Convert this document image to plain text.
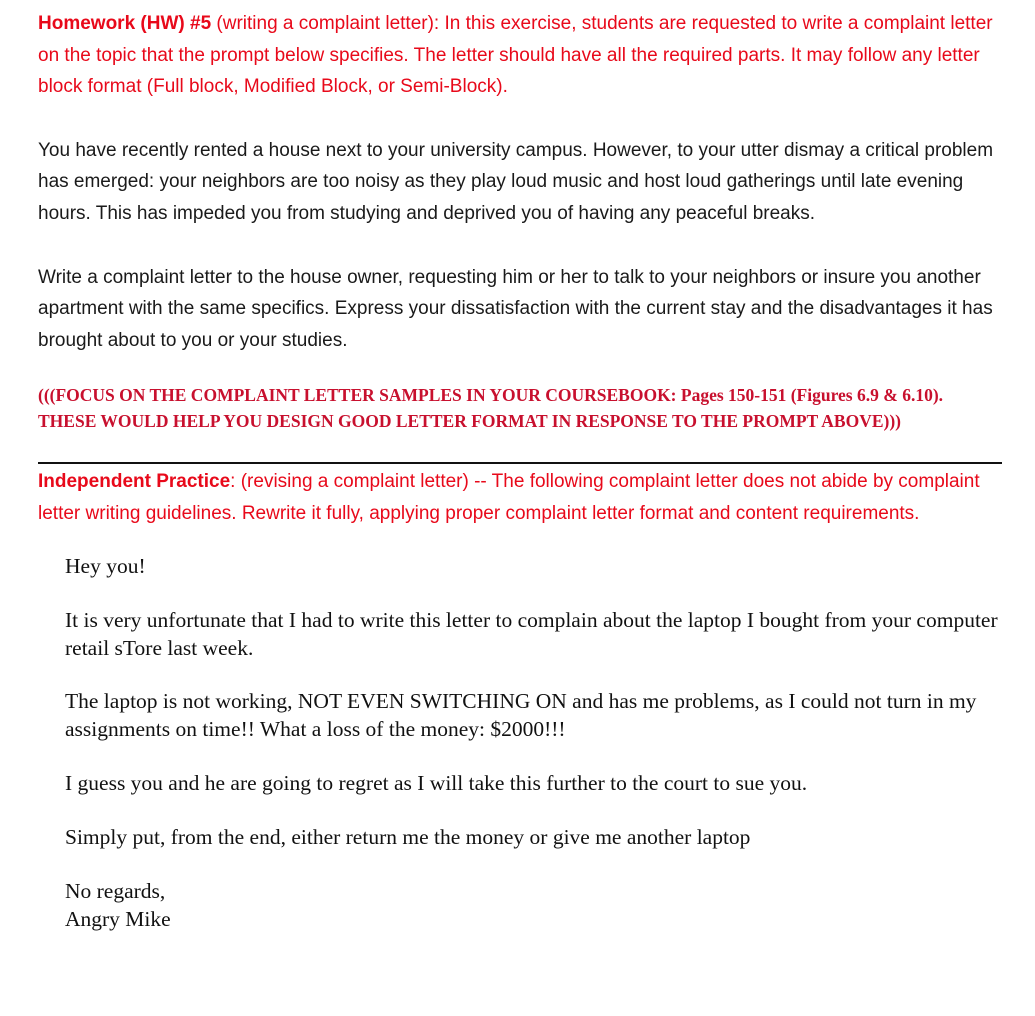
Homework (HW) #5 (writing a complaint letter): In this exercise, students are requested to write a complaint letter on the topic that the prompt below specifies. The letter should have all the required parts. It may follow any letter block format (Full block, Modified Block, or Semi-Block).

You have recently rented a house next to your university campus. However, to your utter dismay a critical problem has emerged: your neighbors are too noisy as they play loud music and host loud gatherings until late evening hours. This has impeded you from studying and deprived you of having any peaceful breaks.

Write a complaint letter to the house owner, requesting him or her to talk to your neighbors or insure you another apartment with the same specifics. Express your dissatisfaction with the current stay and the disadvantages it has brought about to you or your studies.

(((FOCUS ON THE COMPLAINT LETTER SAMPLES IN YOUR COURSEBOOK: Pages 150-151 (Figures 6.9 & 6.10).
THESE WOULD HELP YOU DESIGN GOOD LETTER FORMAT IN RESPONSE TO THE PROMPT ABOVE)))

Independent Practice: (revising a complaint letter) -- The following complaint letter does not abide by complaint letter writing guidelines. Rewrite it fully, applying proper complaint letter format and content requirements.

Hey you!

It is very unfortunate that I had to write this letter to complain about the laptop I bought from your computer retail sTore last week.

The laptop is not working, NOT EVEN SWITCHING ON and has me problems, as I could not turn in my assignments on time!! What a loss of the money: $2000!!!

I guess you and he are going to regret as I will take this further to the court to sue you.

Simply put, from the end, either return me the money or give me another laptop

No regards,
Angry Mike
